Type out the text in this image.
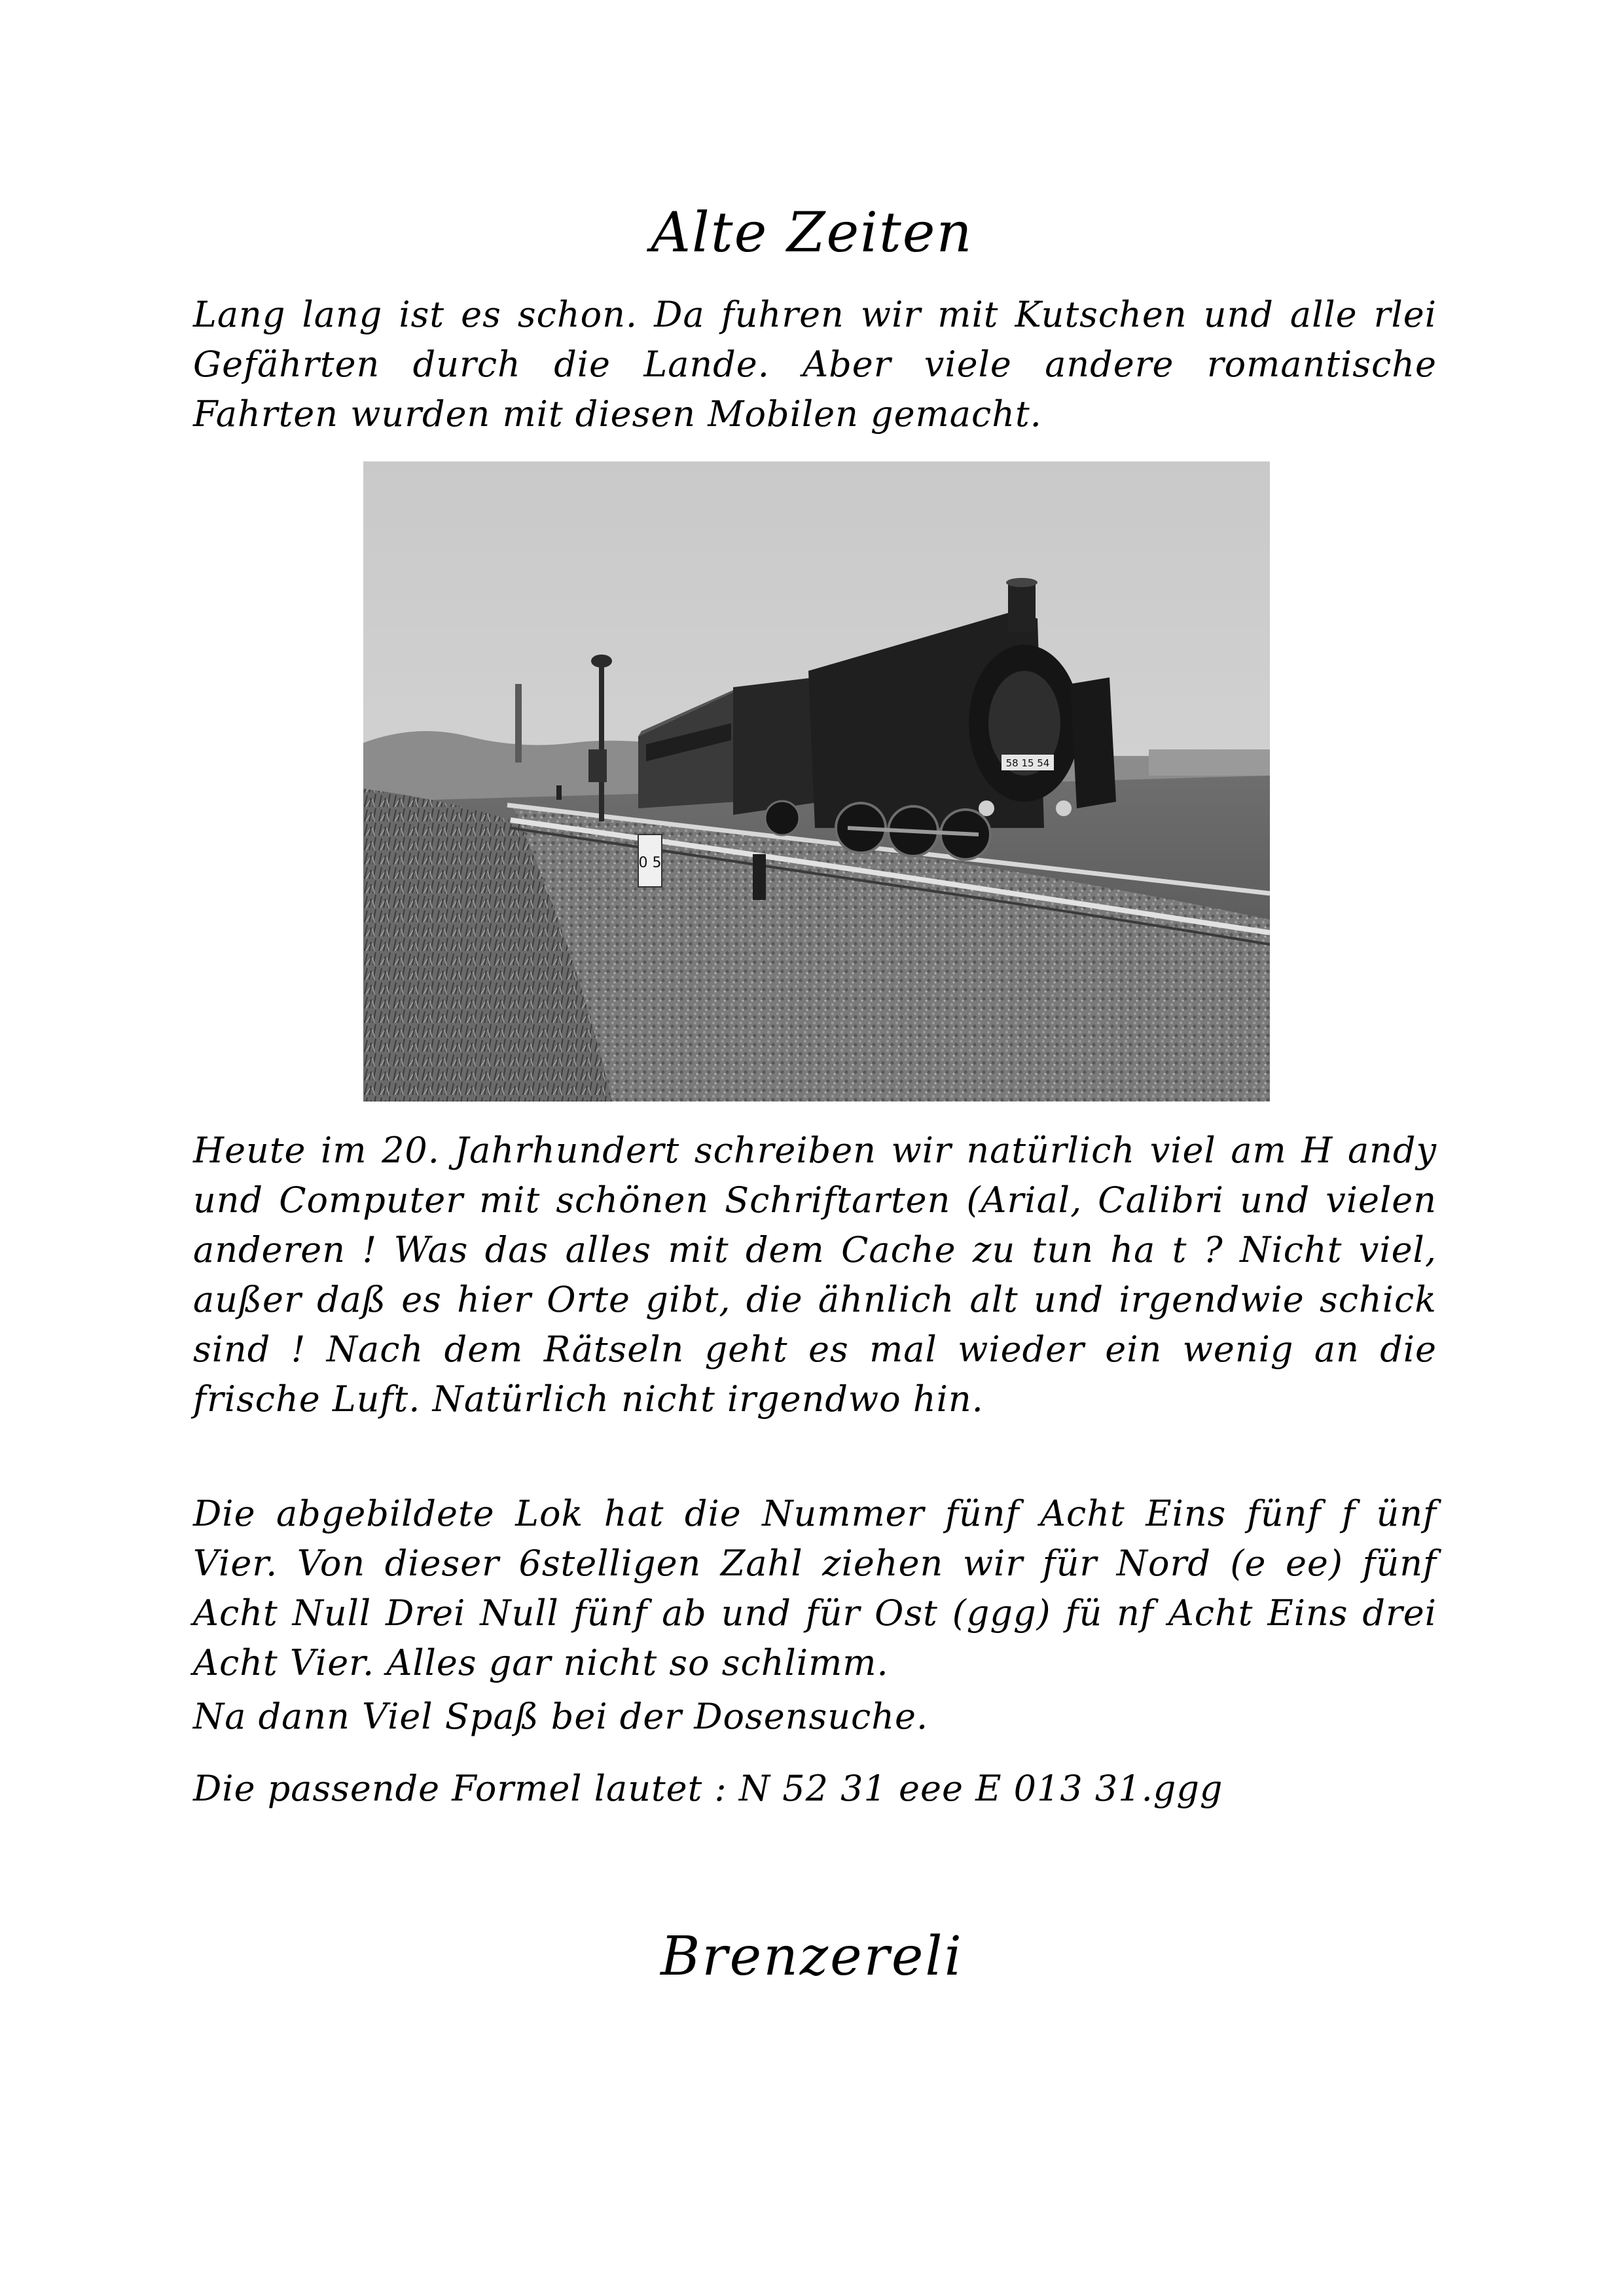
Alte Zeiten
Lang lang ist es schon. Da fuhren wir mit Kutschen und alle rlei Gefährten durch die Lande. Aber viele andere romantische Fahrten wurden mit diesen Mobilen gemacht.
58 15 54
0 5
Heute im 20. Jahrhundert schreiben wir natürlich viel am H andy und Computer mit schönen Schriftarten (Arial, Calibri und vielen anderen ! Was das alles mit dem Cache zu tun ha t ? Nicht viel, außer daß es hier Orte gibt, die ähnlich alt und irgendwie schick sind ! Nach dem Rätseln geht es mal wieder ein wenig an die frische Luft. Natürlich nicht irgendwo hin.
Die abgebildete Lok hat die Nummer fünf Acht Eins fünf f ünf Vier. Von dieser 6stelligen Zahl ziehen wir für Nord (e ee) fünf Acht Null Drei Null fünf ab und für Ost (ggg) fü nf Acht Eins drei Acht Vier. Alles gar nicht so schlimm.
Na dann Viel Spaß bei der Dosensuche.
Die passende Formel lautet : N 52 31 eee E 013 31.ggg
Brenzereli
